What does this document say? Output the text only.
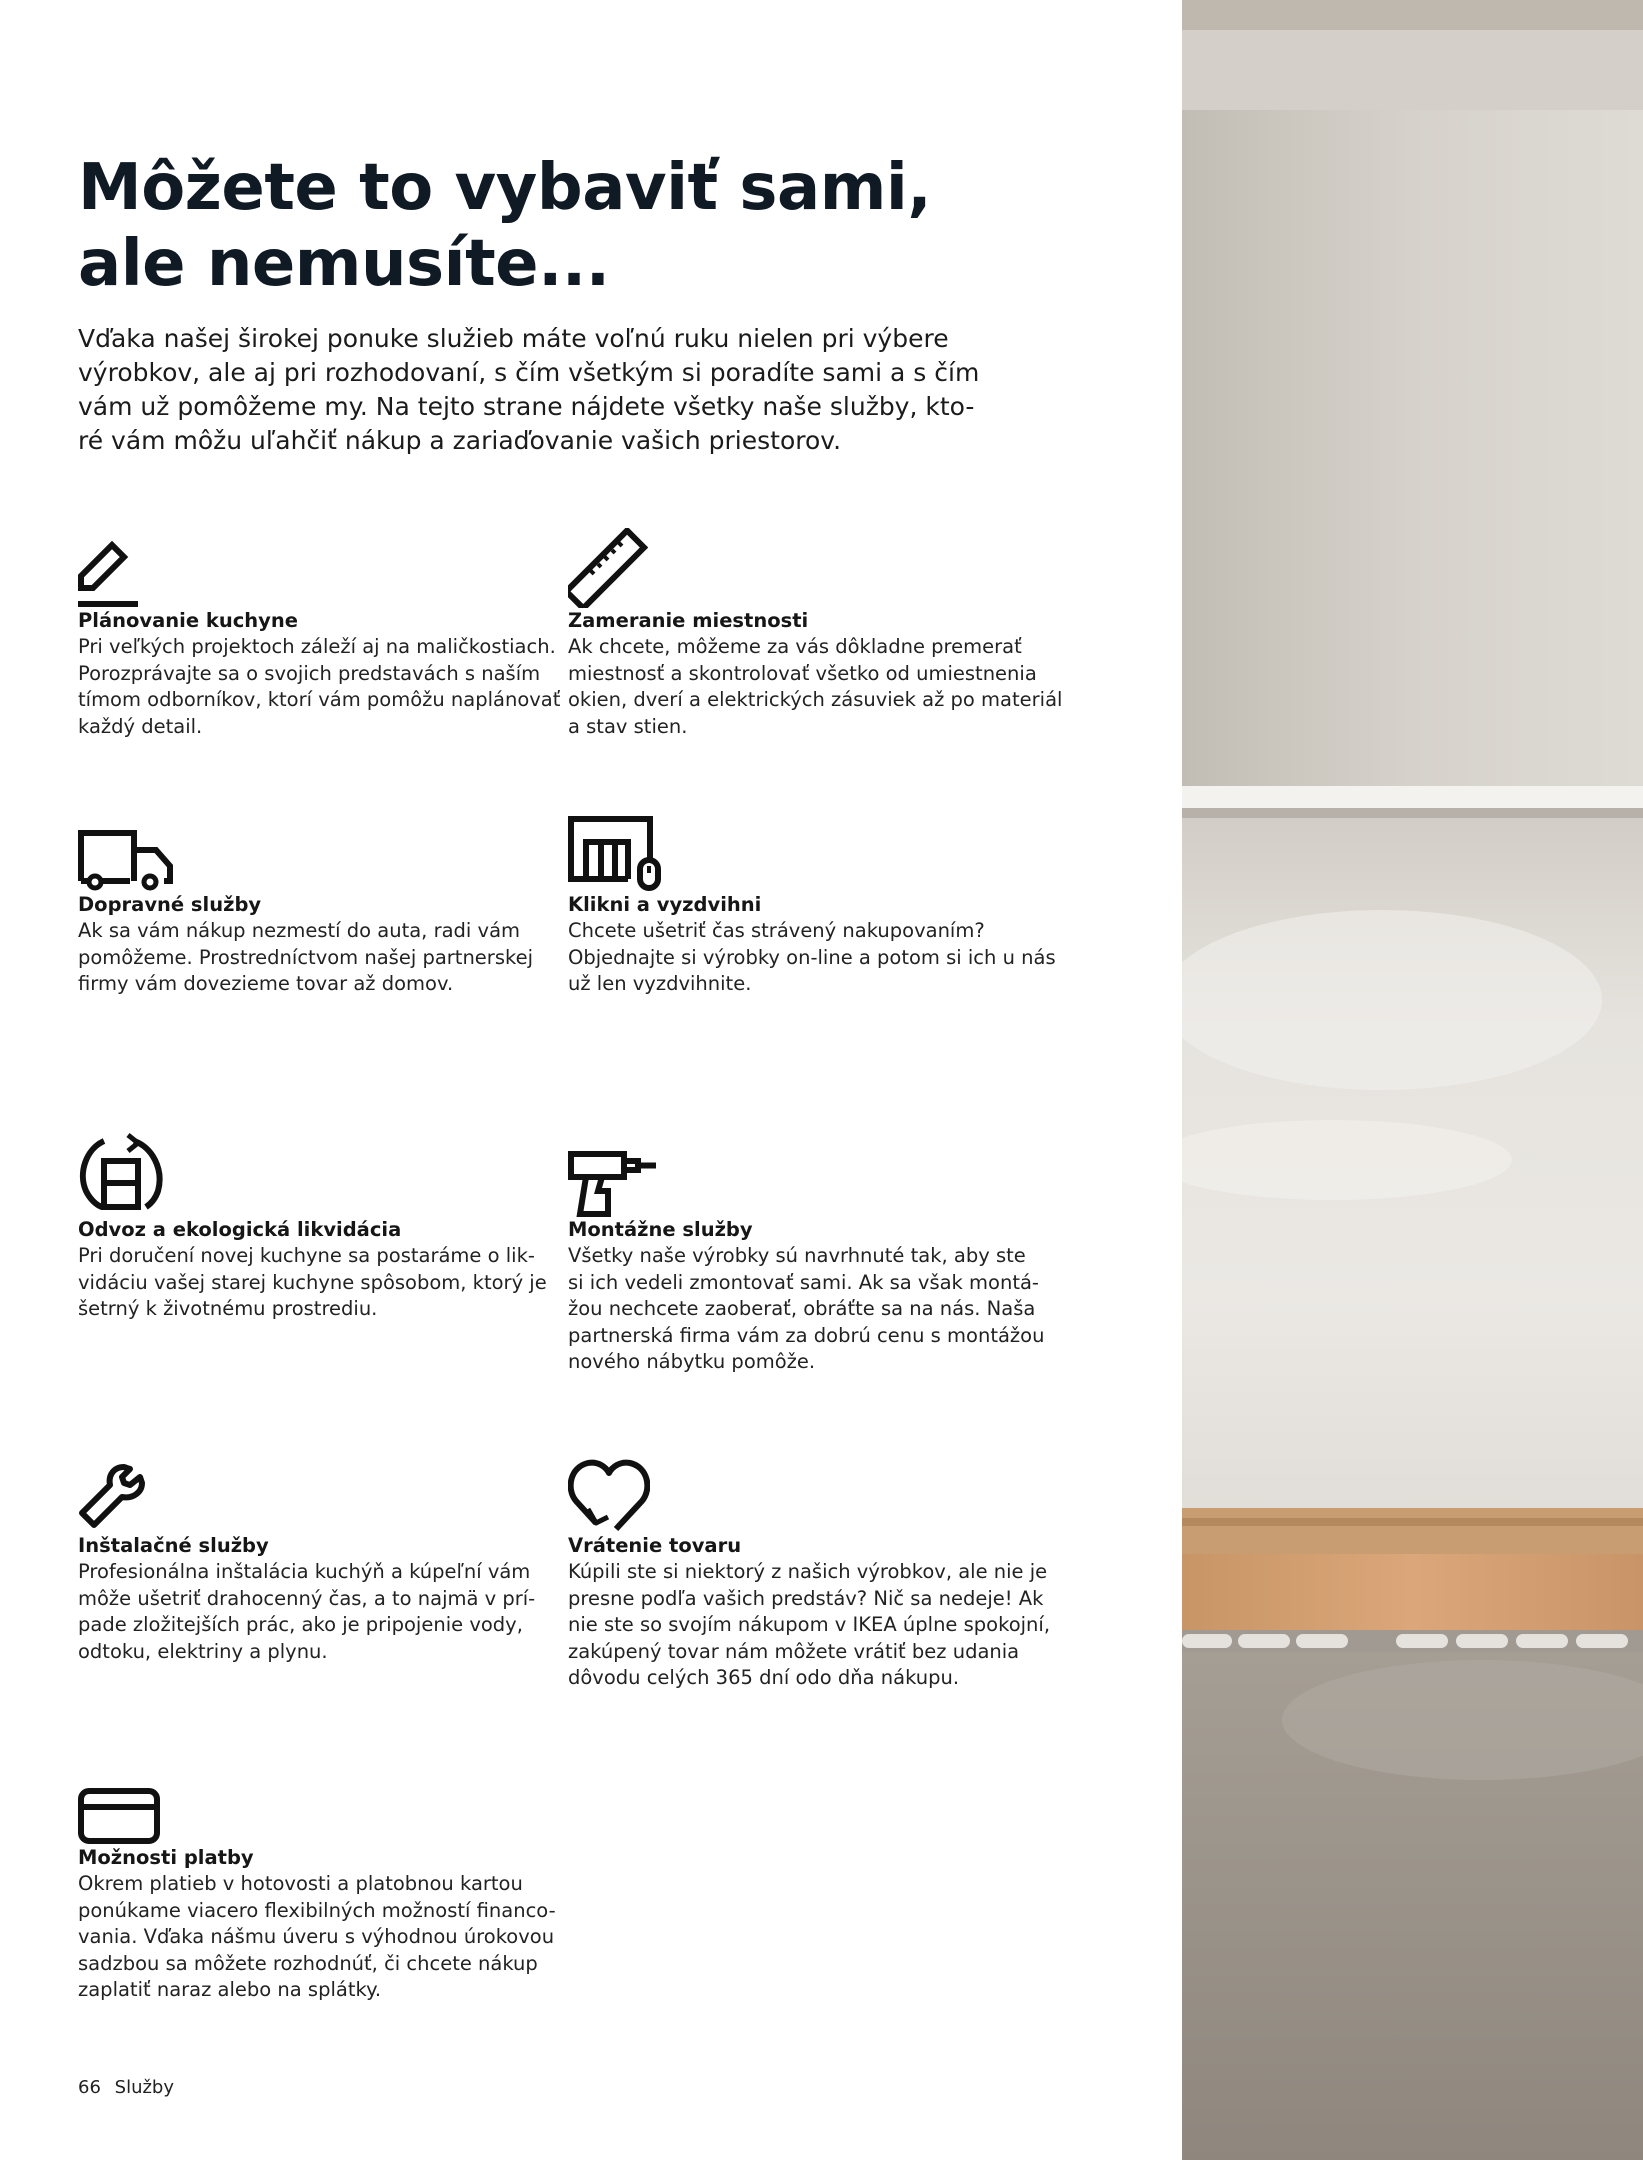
Môžete to vybaviť sami,
ale nemusíte...

Vďaka našej širokej ponuke služieb máte voľnú ruku nielen pri výbere
výrobkov, ale aj pri rozhodovaní, s čím všetkým si poradíte sami a s čím
vám už pomôžeme my. Na tejto strane nájdete všetky naše služby, kto-
ré vám môžu uľahčiť nákup a zariaďovanie vašich priestorov.

Plánovanie kuchyne

Pri veľkých projektoch záleží aj na maličkostiach.
Porozprávajte sa o svojich predstavách s naším
tímom odborníkov, ktorí vám pomôžu naplánovať
každý detail.

Zameranie miestnosti

Ak chcete, môžeme za vás dôkladne premerať
miestnosť a skontrolovať všetko od umiestnenia
okien, dverí a elektrických zásuviek až po materiál
a stav stien.

Dopravné služby

Ak sa vám nákup nezmestí do auta, radi vám
pomôžeme. Prostredníctvom našej partnerskej
firmy vám dovezieme tovar až domov.

Klikni a vyzdvihni

Chcete ušetriť čas strávený nakupovaním?
Objednajte si výrobky on-line a potom si ich u nás
už len vyzdvihnite.

Odvoz a ekologická likvidácia

Pri doručení novej kuchyne sa postaráme o lik-
vidáciu vašej starej kuchyne spôsobom, ktorý je
šetrný k životnému prostrediu.

Montážne služby

Všetky naše výrobky sú navrhnuté tak, aby ste
si ich vedeli zmontovať sami. Ak sa však montá-
žou nechcete zaoberať, obráťte sa na nás. Naša
partnerská firma vám za dobrú cenu s montážou
nového nábytku pomôže.

Inštalačné služby

Profesionálna inštalácia kuchýň a kúpeľní vám
môže ušetriť drahocenný čas, a to najmä v prí-
pade zložitejších prác, ako je pripojenie vody,
odtoku, elektriny a plynu.

Vrátenie tovaru

Kúpili ste si niektorý z našich výrobkov, ale nie je
presne podľa vašich predstáv? Nič sa nedeje! Ak
nie ste so svojím nákupom v IKEA úplne spokojní,
zakúpený tovar nám môžete vrátiť bez udania
dôvodu celých 365 dní odo dňa nákupu.

Možnosti platby

Okrem platieb v hotovosti a platobnou kartou
ponúkame viacero flexibilných možností financo-
vania. Vďaka nášmu úveru s výhodnou úrokovou
sadzbou sa môžete rozhodnúť, či chcete nákup
zaplatiť naraz alebo na splátky.

66 Služby
